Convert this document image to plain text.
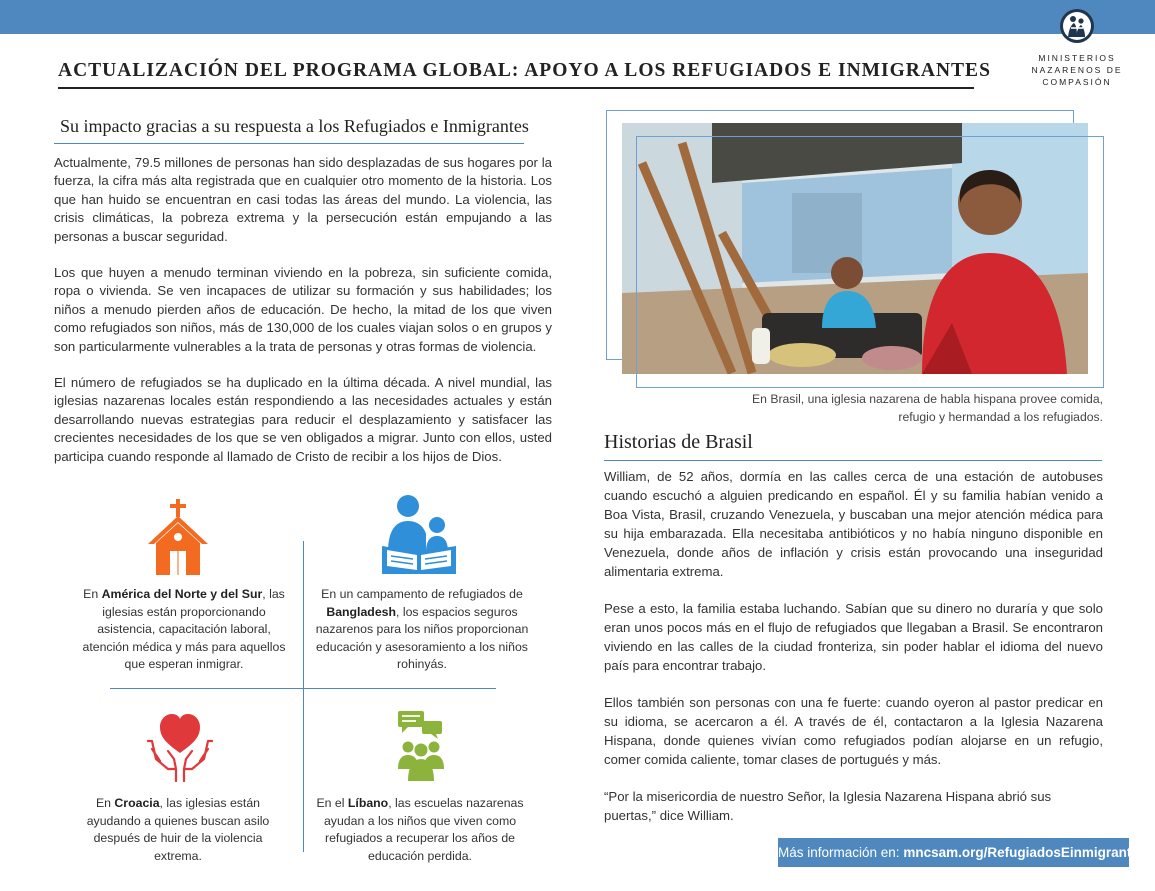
MINISTERIOS
NAZARENOS DE
COMPASIÓN
ACTUALIZACIÓN DEL PROGRAMA GLOBAL: APOYO A LOS REFUGIADOS E INMIGRANTES
Su impacto gracias a su respuesta a los Refugiados e Inmigrantes

Actualmente, 79.5 millones de personas han sido desplazadas de sus hogares por la fuerza, la cifra más alta registrada que en cualquier otro momento de la historia. Los que han huido se encuentran en casi todas las áreas del mundo. La violencia, las crisis climáticas, la pobreza extrema y la persecución están empujando a las personas a buscar seguridad.

Los que huyen a menudo terminan viviendo en la pobreza, sin suficiente comida, ropa o vivienda. Se ven incapaces de utilizar su formación y sus habilidades; los niños a menudo pierden años de educación. De hecho, la mitad de los que viven como refugiados son niños, más de 130,000 de los cuales viajan solos o en grupos y son particularmente vulnerables a la trata de personas y otras formas de violencia.

El número de refugiados se ha duplicado en la última década. A nivel mundial, las iglesias nazarenas locales están respondiendo a las necesidades actuales y están desarrollando nuevas estrategias para reducir el desplazamiento y satisfacer las crecientes necesidades de los que se ven obligados a migrar. Junto con ellos, usted participa cuando responde al llamado de Cristo de recibir a los hijos de Dios.

En América del Norte y del Sur, las iglesias están proporcionando asistencia, capacitación laboral, atención médica y más para aquellos que esperan inmigrar.
En un campamento de refugiados de Bangladesh, los espacios seguros nazarenos para los niños proporcionan educación y asesoramiento a los niños rohinyás.
En Croacia, las iglesias están ayudando a quienes buscan asilo después de huir de la violencia extrema.
En el Líbano, las escuelas nazarenas ayudan a los niños que viven como refugiados a recuperar los años de educación perdida.
En Brasil, una iglesia nazarena de habla hispana provee comida,
refugio y hermandad a los refugiados.
Historias de Brasil

William, de 52 años, dormía en las calles cerca de una estación de autobuses cuando escuchó a alguien predicando en español. Él y su familia habían venido a Boa Vista, Brasil, cruzando Venezuela, y buscaban una mejor atención médica para su hija embarazada. Ella necesitaba antibióticos y no había ninguno disponible en Venezuela, donde años de inflación y crisis están provocando una inseguridad alimentaria extrema.

Pese a esto, la familia estaba luchando. Sabían que su dinero no duraría y que solo eran unos pocos más en el flujo de refugiados que llegaban a Brasil. Se encontraron viviendo en las calles de la ciudad fronteriza, sin poder hablar el idioma del nuevo país para encontrar trabajo.

Ellos también son personas con una fe fuerte: cuando oyeron al pastor predicar en su idioma, se acercaron a él. A través de él, contactaron a la Iglesia Nazarena Hispana, donde quienes vivían como refugiados podían alojarse en un refugio, comer comida caliente, tomar clases de portugués y más.

“Por la misericordia de nuestro Señor, la Iglesia Nazarena Hispana abrió sus puertas,” dice William.

Más información en: mncsam.org/RefugiadosEinmigrantes
